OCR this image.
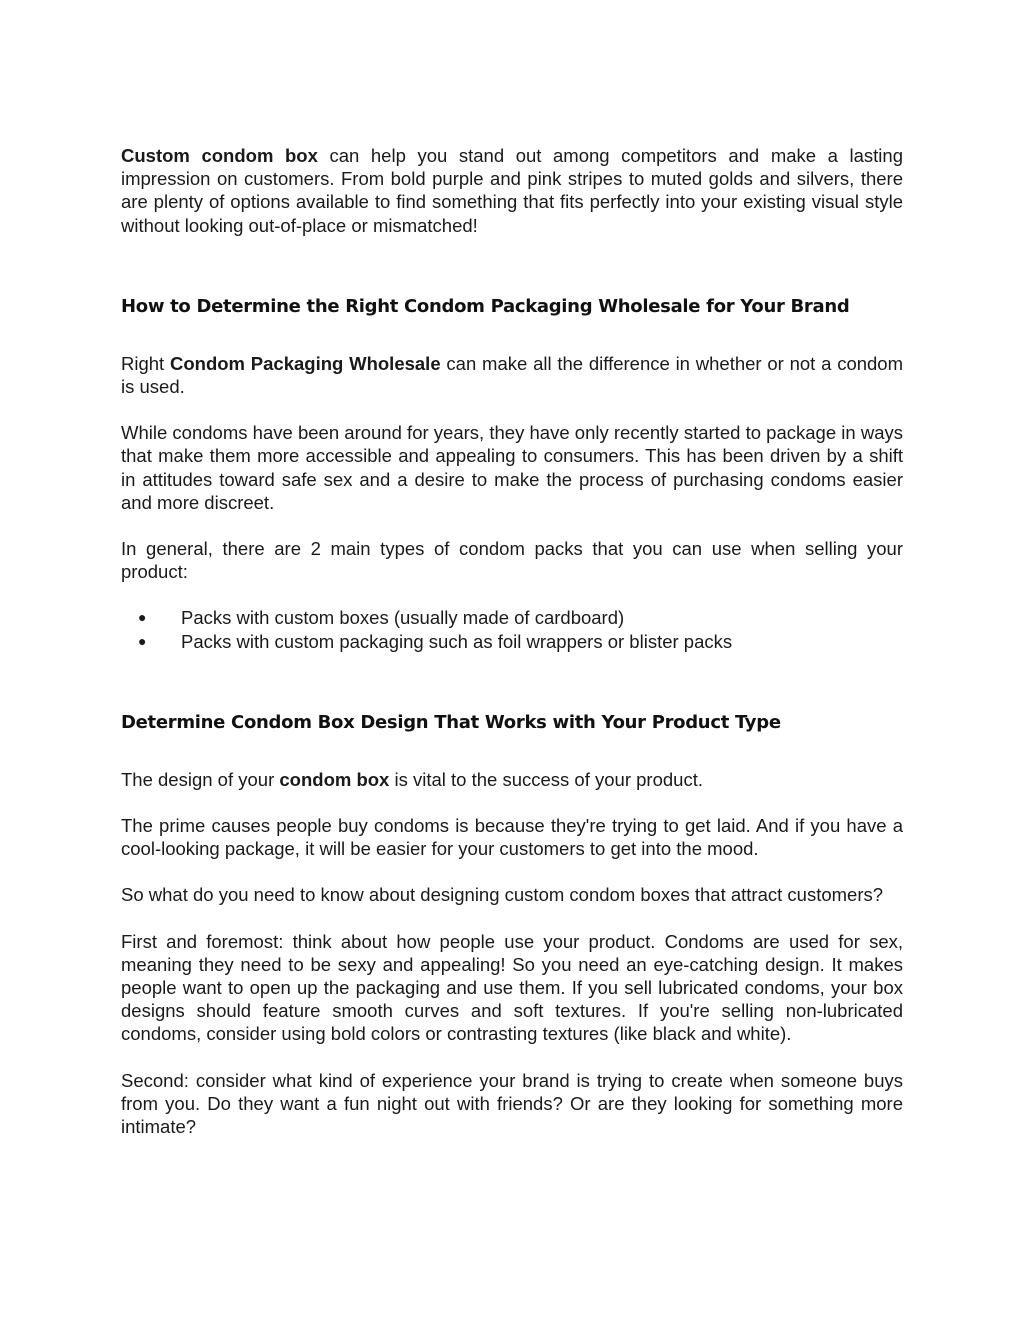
Custom condom box can help you stand out among competitors and make a lasting impression on customers. From bold purple and pink stripes to muted golds and silvers, there are plenty of options available to find something that fits perfectly into your existing visual style without looking out-of-place or mismatched!

How to Determine the Right Condom Packaging Wholesale for Your Brand

Right Condom Packaging Wholesale can make all the difference in whether or not a condom is used.

While condoms have been around for years, they have only recently started to package in ways that make them more accessible and appealing to consumers. This has been driven by a shift in attitudes toward safe sex and a desire to make the process of purchasing condoms easier and more discreet.

In general, there are 2 main types of condom packs that you can use when selling your product:

● Packs with custom boxes (usually made of cardboard)
● Packs with custom packaging such as foil wrappers or blister packs
Determine Condom Box Design That Works with Your Product Type

The design of your condom box is vital to the success of your product.

The prime causes people buy condoms is because they're trying to get laid. And if you have a cool-looking package, it will be easier for your customers to get into the mood.

So what do you need to know about designing custom condom boxes that attract customers?

First and foremost: think about how people use your product. Condoms are used for sex, meaning they need to be sexy and appealing! So you need an eye-catching design. It makes people want to open up the packaging and use them. If you sell lubricated condoms, your box designs should feature smooth curves and soft textures. If you're selling non-lubricated condoms, consider using bold colors or contrasting textures (like black and white).

Second: consider what kind of experience your brand is trying to create when someone buys from you. Do they want a fun night out with friends? Or are they looking for something more intimate?
